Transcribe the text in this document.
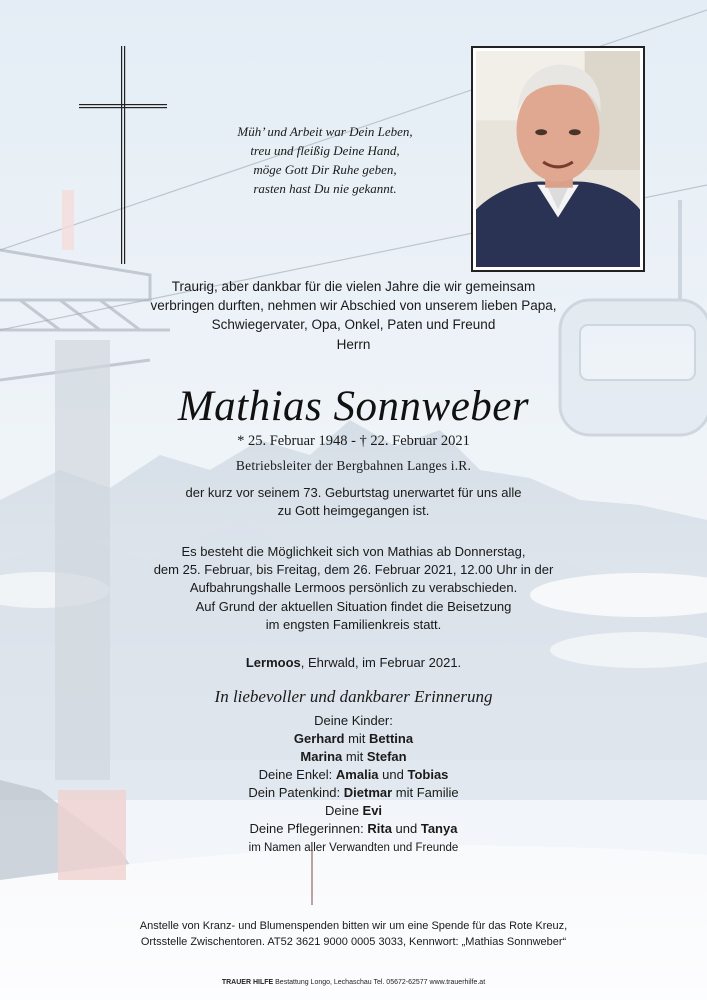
Müh’ und Arbeit war Dein Leben,
treu und fleißig Deine Hand,
möge Gott Dir Ruhe geben,
rasten hast Du nie gekannt.
Traurig, aber dankbar für die vielen Jahre die wir gemeinsam
verbringen durften, nehmen wir Abschied von unserem lieben Papa,
Schwiegervater, Opa, Onkel, Paten und Freund
Herrn
Mathias Sonnweber
* 25. Februar 1948 - † 22. Februar 2021
Betriebsleiter der Bergbahnen Langes i.R.
der kurz vor seinem 73. Geburtstag unerwartet für uns alle
zu Gott heimgegangen ist.
Es besteht die Möglichkeit sich von Mathias ab Donnerstag,
dem 25. Februar, bis Freitag, dem 26. Februar 2021, 12.00 Uhr in der
Aufbahrungshalle Lermoos persönlich zu verabschieden.
Auf Grund der aktuellen Situation findet die Beisetzung
im engsten Familienkreis statt.
Lermoos, Ehrwald, im Februar 2021.
In liebevoller und dankbarer Erinnerung
Deine Kinder:
Gerhard mit Bettina
Marina mit Stefan
Deine Enkel: Amalia und Tobias
Dein Patenkind: Dietmar mit Familie
Deine Evi
Deine Pflegerinnen: Rita und Tanya
im Namen aller Verwandten und Freunde
Anstelle von Kranz- und Blumenspenden bitten wir um eine Spende für das Rote Kreuz,
Ortsstelle Zwischentoren. AT52 3621 9000 0005 3033, Kennwort: „Mathias Sonnweber“
TRAUER HILFE Bestattung Longo, Lechaschau Tel. 05672-62577 www.trauerhilfe.at
